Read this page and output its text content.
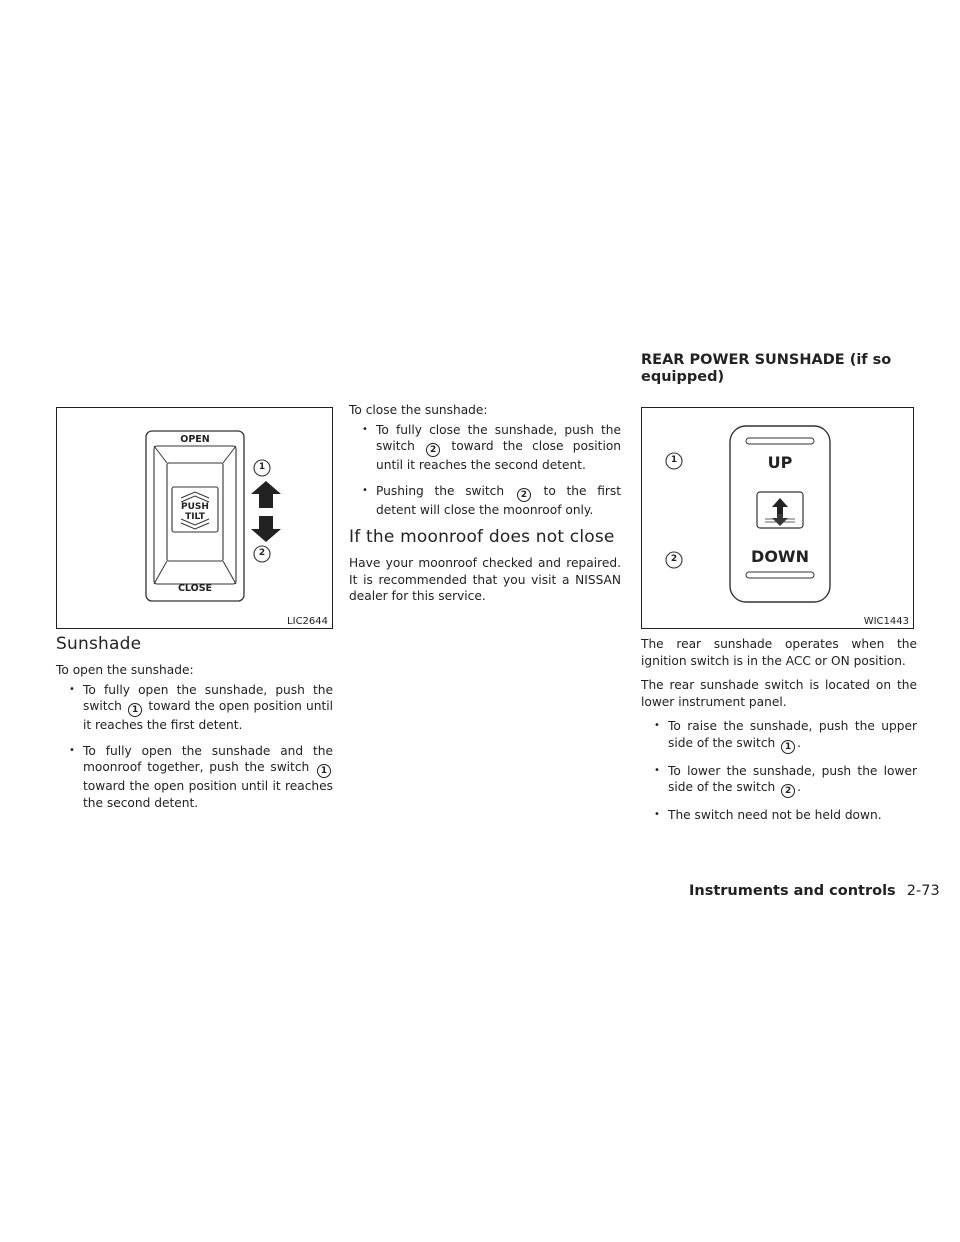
OPEN
CLOSE
PUSH
TILT
1
2
LIC2644
Sunshade

To open the sunshade:

• To fully open the sunshade, push the switch 1 toward the open position until it reaches the first detent.
• To fully open the sunshade and the moonroof together, push the switch 1 toward the open position until it reaches the second detent.

To close the sunshade:

• To fully close the sunshade, push the switch 2 toward the close position until it reaches the second detent.
• Pushing the switch 2 to the first detent will close the moonroof only.
If the moonroof does not close

Have your moonroof checked and repaired. It is recommended that you visit a NISSAN dealer for this service.

REAR POWER SUNSHADE (if so equipped)
UP
DOWN
1
2
WIC1443

The rear sunshade operates when the ignition switch is in the ACC or ON position.

The rear sunshade switch is located on the lower instrument panel.

• To raise the sunshade, push the upper side of the switch 1 .
• To lower the sunshade, push the lower side of the switch 2 .
• The switch need not be held down.
Instruments and controls 2-73
